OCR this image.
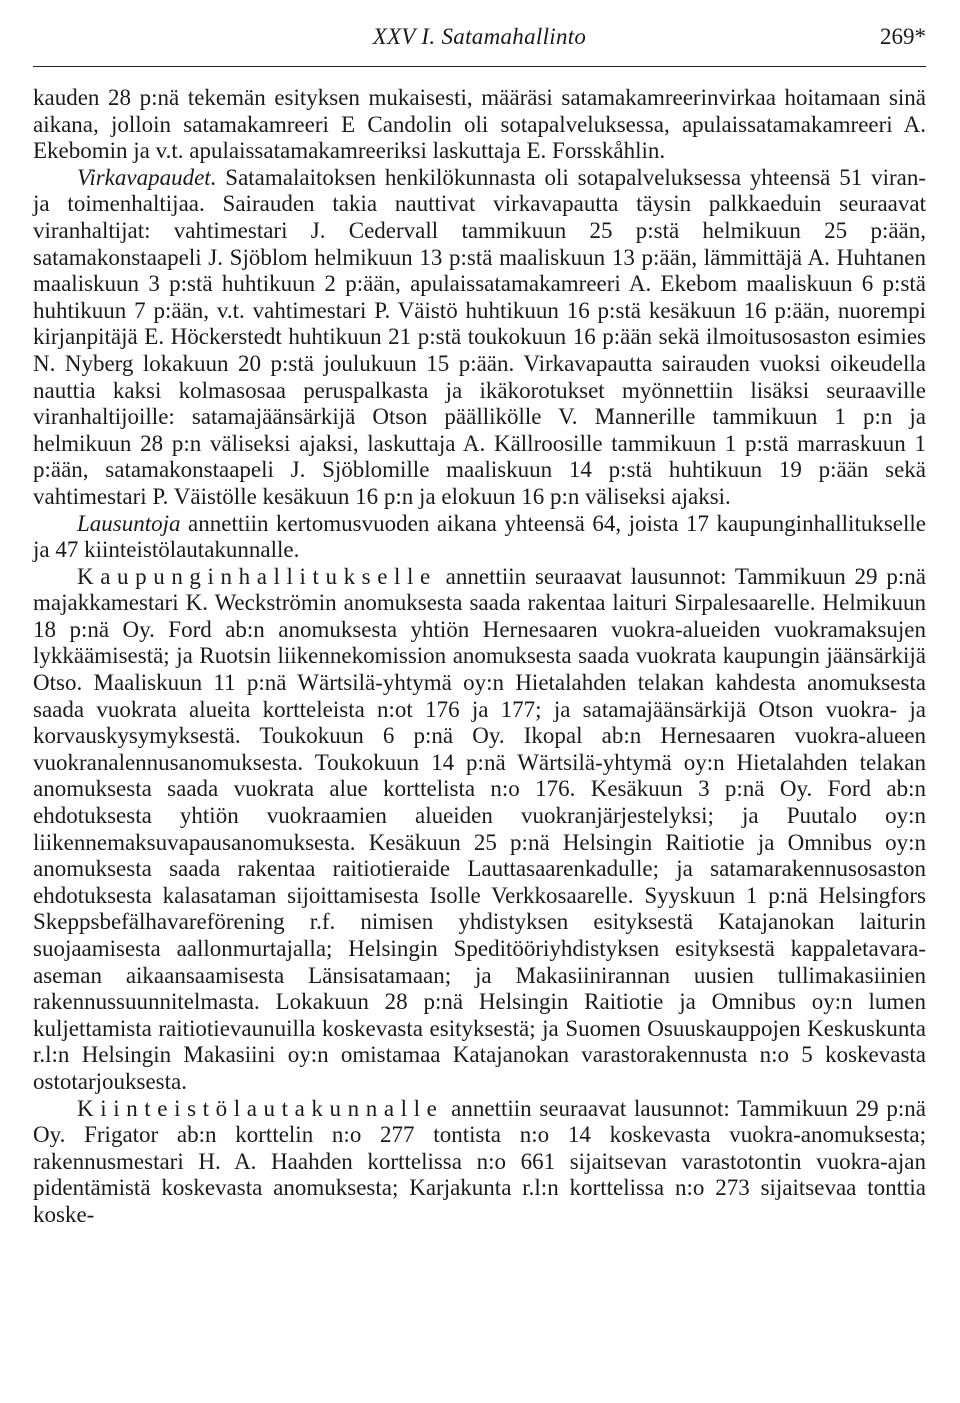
XXV I. Satamahallinto	269*

kauden 28 p:nä tekemän esityksen mukaisesti, määräsi satamakamreerinvirkaa hoitamaan sinä aikana, jolloin satamakamreeri E Candolin oli sotapalveluksessa, apulaissatamakamreeri A. Ekebomin ja v.t. apulaissatamakamreeriksi laskuttaja E. Forsskåhlin.

Virkavapaudet. Satamalaitoksen henkilökunnasta oli sotapalveluksessa yhteensä 51 viran- ja toimenhaltijaa. Sairauden takia nauttivat virkavapautta täysin palkkaeduin seuraavat viranhaltijat: vahtimestari J. Cedervall tammikuun 25 p:stä helmikuun 25 p:ään, satamakonstaapeli J. Sjöblom helmikuun 13 p:stä maaliskuun 13 p:ään, lämmittäjä A. Huhtanen maaliskuun 3 p:stä huhtikuun 2 p:ään, apulaissatamakamreeri A. Ekebom maaliskuun 6 p:stä huhtikuun 7 p:ään, v.t. vahtimestari P. Väistö huhtikuun 16 p:stä kesäkuun 16 p:ään, nuorempi kirjanpitäjä E. Höckerstedt huhtikuun 21 p:stä toukokuun 16 p:ään sekä ilmoitusosaston esimies N. Nyberg lokakuun 20 p:stä joulukuun 15 p:ään. Virkavapautta sairauden vuoksi oikeudella nauttia kaksi kolmasosaa peruspalkasta ja ikäkorotukset myönnettiin lisäksi seuraaville viranhaltijoille: satamajäänsärkijä Otson päällikölle V. Mannerille tammikuun 1 p:n ja helmikuun 28 p:n väliseksi ajaksi, laskuttaja A. Källroosille tammikuun 1 p:stä marraskuun 1 p:ään, satamakonstaapeli J. Sjöblomille maaliskuun 14 p:stä huhtikuun 19 p:ään sekä vahtimestari P. Väistölle kesäkuun 16 p:n ja elokuun 16 p:n väliseksi ajaksi.

Lausuntoja annettiin kertomusvuoden aikana yhteensä 64, joista 17 kaupunginhallitukselle ja 47 kiinteistölautakunnalle.

Kaupunginhallitukselle annettiin seuraavat lausunnot: Tammikuun 29 p:nä majakkamestari K. Weckströmin anomuksesta saada rakentaa laituri Sirpalesaarelle. Helmikuun 18 p:nä Oy. Ford ab:n anomuksesta yhtiön Hernesaaren vuokra-alueiden vuokramaksujen lykkäämisestä; ja Ruotsin liikennekomission anomuksesta saada vuokrata kaupungin jäänsärkijä Otso. Maaliskuun 11 p:nä Wärtsilä-yhtymä oy:n Hietalahden telakan kahdesta anomuksesta saada vuokrata alueita kortteleista n:ot 176 ja 177; ja satamajäänsärkijä Otson vuokra- ja korvauskysymyksestä. Toukokuun 6 p:nä Oy. Ikopal ab:n Hernesaaren vuokra-alueen vuokranalennusanomuksesta. Toukokuun 14 p:nä Wärtsilä-yhtymä oy:n Hietalahden telakan anomuksesta saada vuokrata alue korttelista n:o 176. Kesäkuun 3 p:nä Oy. Ford ab:n ehdotuksesta yhtiön vuokraamien alueiden vuokranjärjestelyksi; ja Puutalo oy:n liikennemaksuvapausanomuksesta. Kesäkuun 25 p:nä Helsingin Raitiotie ja Omnibus oy:n anomuksesta saada rakentaa raitiotieraide Lauttasaarenkadulle; ja satamarakennusosaston ehdotuksesta kalasataman sijoittamisesta Isolle Verkkosaarelle. Syyskuun 1 p:nä Helsingfors Skeppsbefälhavareförening r.f. nimisen yhdistyksen esityksestä Katajanokan laiturin suojaamisesta aallonmurtajalla; Helsingin Speditööriyhdistyksen esityksestä kappaletavara-aseman aikaansaamisesta Länsisatamaan; ja Makasiinirannan uusien tullimakasiinien rakennussuunnitelmasta. Lokakuun 28 p:nä Helsingin Raitiotie ja Omnibus oy:n lumen kuljettamista raitiotievaunuilla koskevasta esityksestä; ja Suomen Osuuskauppojen Keskuskunta r.l:n Helsingin Makasiini oy:n omistamaa Katajanokan varastorakennusta n:o 5 koskevasta ostotarjouksesta.

Kiinteistölautakunnalle annettiin seuraavat lausunnot: Tammikuun 29 p:nä Oy. Frigator ab:n korttelin n:o 277 tontista n:o 14 koskevasta vuokra-anomuksesta; rakennusmestari H. A. Haahden korttelissa n:o 661 sijaitsevan varastotontin vuokra-ajan pidentämistä koskevasta anomuksesta; Karjakunta r.l:n korttelissa n:o 273 sijaitsevaa tonttia koske-
